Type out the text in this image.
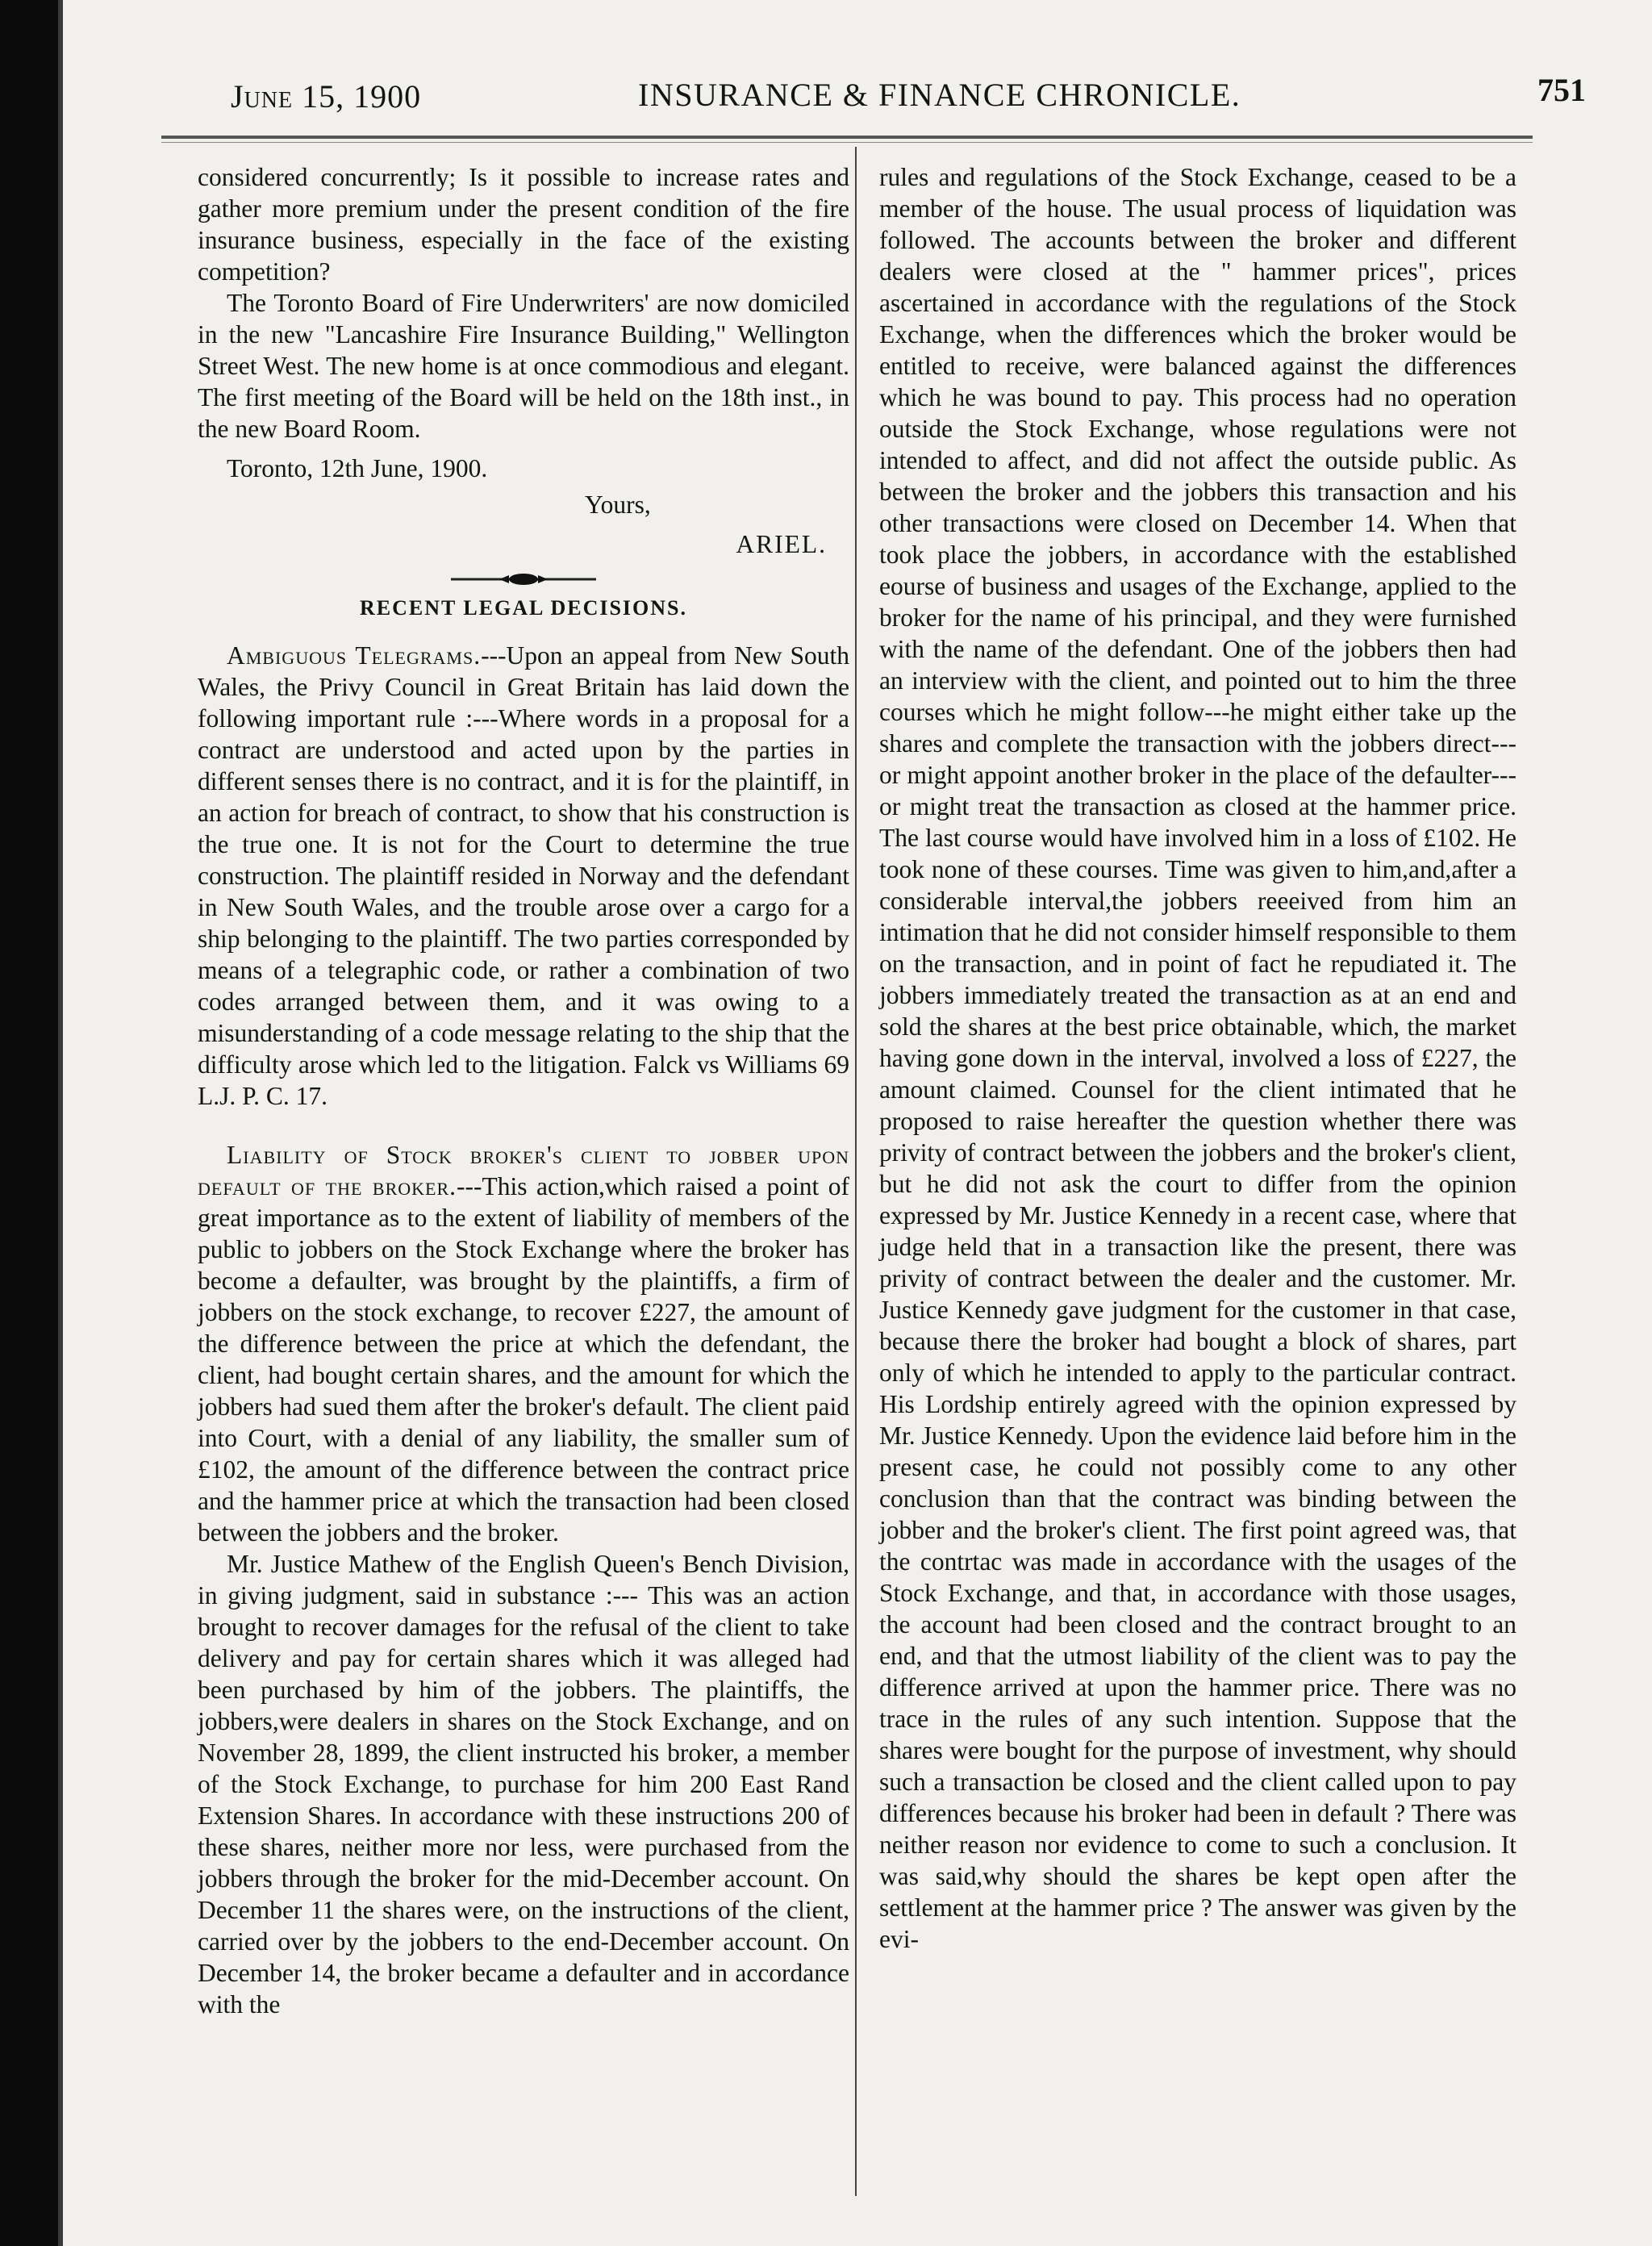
June 15, 1900	INSURANCE & FINANCE CHRONICLE.	751

considered concurrently; Is it possible to increase rates and gather more premium under the present condition of the fire insurance business, especially in the face of the existing competition?

The Toronto Board of Fire Underwriters' are now domiciled in the new "Lancashire Fire Insurance Building," Wellington Street West. The new home is at once commodious and elegant. The first meeting of the Board will be held on the 18th inst., in the new Board Room.

Toronto, 12th June, 1900.

Yours,

ARIEL.

RECENT LEGAL DECISIONS.

Ambiguous Telegrams.---Upon an appeal from New South Wales, the Privy Council in Great Britain has laid down the following important rule :---Where words in a proposal for a contract are understood and acted upon by the parties in different senses there is no contract, and it is for the plaintiff, in an action for breach of contract, to show that his construction is the true one. It is not for the Court to determine the true construction. The plaintiff resided in Norway and the defendant in New South Wales, and the trouble arose over a cargo for a ship belonging to the plaintiff. The two parties corresponded by means of a telegraphic code, or rather a combination of two codes arranged between them, and it was owing to a misunderstanding of a code message relating to the ship that the difficulty arose which led to the litigation. Falck vs Williams 69 L.J. P. C. 17.

Liability of Stock broker's client to jobber upon default of the broker.---This action,which raised a point of great importance as to the extent of liability of members of the public to jobbers on the Stock Exchange where the broker has become a defaulter, was brought by the plaintiffs, a firm of jobbers on the stock exchange, to recover £227, the amount of the difference between the price at which the defendant, the client, had bought certain shares, and the amount for which the jobbers had sued them after the broker's default. The client paid into Court, with a denial of any liability, the smaller sum of £102, the amount of the difference between the contract price and the hammer price at which the transaction had been closed between the jobbers and the broker.

Mr. Justice Mathew of the English Queen's Bench Division, in giving judgment, said in substance :--- This was an action brought to recover damages for the refusal of the client to take delivery and pay for certain shares which it was alleged had been purchased by him of the jobbers. The plaintiffs, the jobbers,were dealers in shares on the Stock Exchange, and on November 28, 1899, the client instructed his broker, a member of the Stock Exchange, to purchase for him 200 East Rand Extension Shares. In accordance with these instructions 200 of these shares, neither more nor less, were purchased from the jobbers through the broker for the mid-December account. On December 11 the shares were, on the instructions of the client, carried over by the jobbers to the end-December account. On December 14, the broker became a defaulter and in accordance with the

rules and regulations of the Stock Exchange, ceased to be a member of the house. The usual process of liquidation was followed. The accounts between the broker and different dealers were closed at the " hammer prices", prices ascertained in accordance with the regulations of the Stock Exchange, when the differences which the broker would be entitled to receive, were balanced against the differences which he was bound to pay. This process had no operation outside the Stock Exchange, whose regulations were not intended to affect, and did not affect the outside public. As between the broker and the jobbers this transaction and his other transactions were closed on December 14. When that took place the jobbers, in accordance with the established eourse of business and usages of the Exchange, applied to the broker for the name of his principal, and they were furnished with the name of the defendant. One of the jobbers then had an interview with the client, and pointed out to him the three courses which he might follow---he might either take up the shares and complete the transaction with the jobbers direct---or might appoint another broker in the place of the defaulter--- or might treat the transaction as closed at the hammer price. The last course would have involved him in a loss of £102. He took none of these courses. Time was given to him,and,after a considerable interval,the jobbers reeeived from him an intimation that he did not consider himself responsible to them on the transaction, and in point of fact he repudiated it. The jobbers immediately treated the transaction as at an end and sold the shares at the best price obtainable, which, the market having gone down in the interval, involved a loss of £227, the amount claimed. Counsel for the client intimated that he proposed to raise hereafter the question whether there was privity of contract between the jobbers and the broker's client, but he did not ask the court to differ from the opinion expressed by Mr. Justice Kennedy in a recent case, where that judge held that in a transaction like the present, there was privity of contract between the dealer and the customer. Mr. Justice Kennedy gave judgment for the customer in that case, because there the broker had bought a block of shares, part only of which he intended to apply to the particular contract. His Lordship entirely agreed with the opinion expressed by Mr. Justice Kennedy. Upon the evidence laid before him in the present case, he could not possibly come to any other conclusion than that the contract was binding between the jobber and the broker's client. The first point agreed was, that the contrtac was made in accordance with the usages of the Stock Exchange, and that, in accordance with those usages, the account had been closed and the contract brought to an end, and that the utmost liability of the client was to pay the difference arrived at upon the hammer price. There was no trace in the rules of any such intention. Suppose that the shares were bought for the purpose of investment, why should such a transaction be closed and the client called upon to pay differences because his broker had been in default ? There was neither reason nor evidence to come to such a conclusion. It was said,why should the shares be kept open after the settlement at the hammer price ? The answer was given by the evi-
